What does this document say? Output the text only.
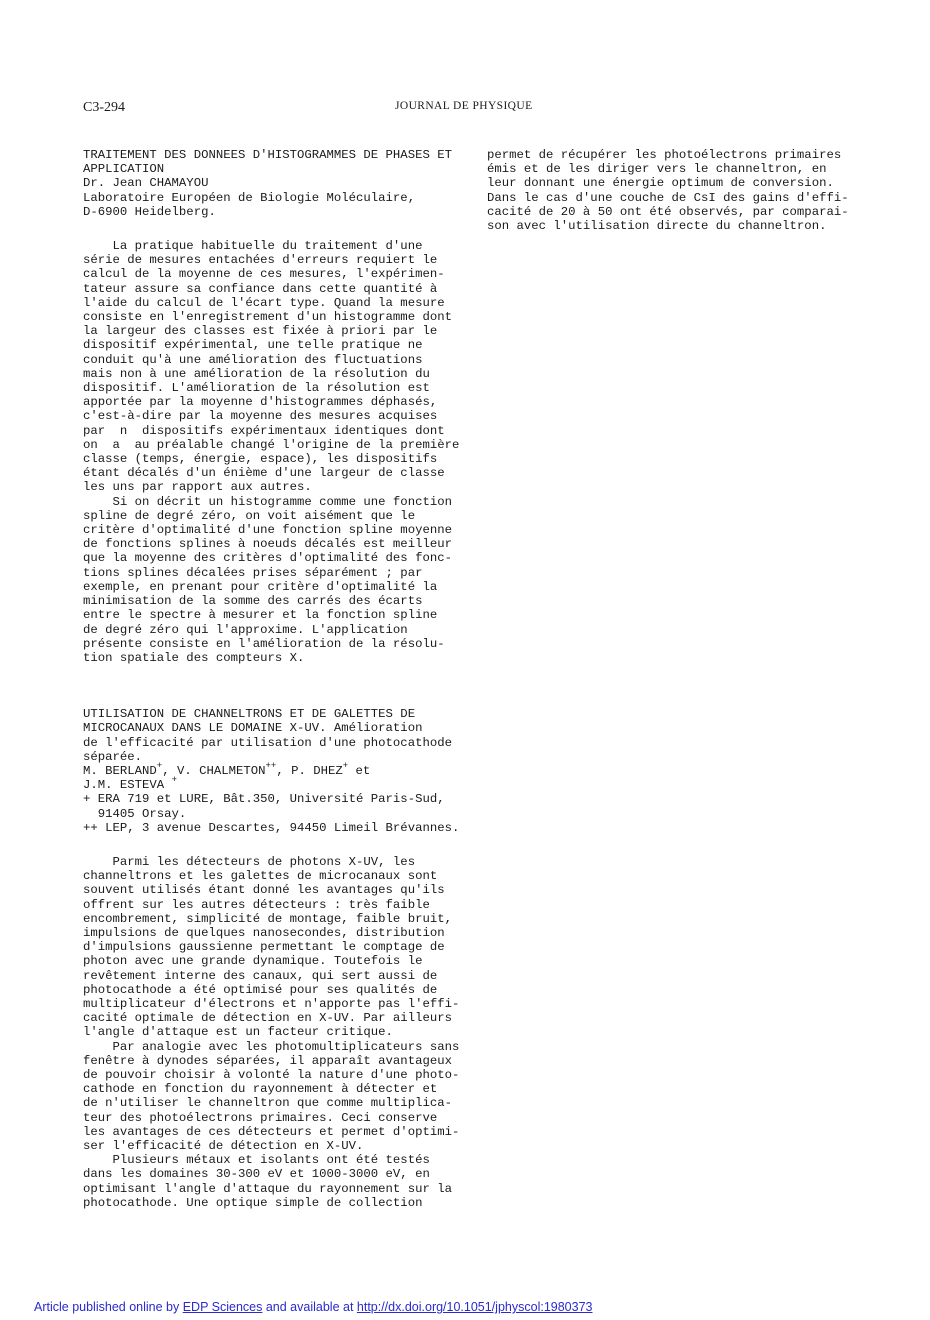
C3-294	JOURNAL DE PHYSIQUE
TRAITEMENT DES DONNEES D'HISTOGRAMMES DE PHASES ET
APPLICATION
Dr. Jean CHAMAYOU
Laboratoire Européen de Biologie Moléculaire,
D-6900 Heidelberg.
La pratique habituelle du traitement d'une
série de mesures entachées d'erreurs requiert le
calcul de la moyenne de ces mesures, l'expérimen-
tateur assure sa confiance dans cette quantité à
l'aide du calcul de l'écart type. Quand la mesure
consiste en l'enregistrement d'un histogramme dont
la largeur des classes est fixée à priori par le
dispositif expérimental, une telle pratique ne
conduit qu'à une amélioration des fluctuations
mais non à une amélioration de la résolution du
dispositif. L'amélioration de la résolution est
apportée par la moyenne d'histogrammes déphasés,
c'est-à-dire par la moyenne des mesures acquises
par  n  dispositifs expérimentaux identiques dont
on  a  au préalable changé l'origine de la première
classe (temps, énergie, espace), les dispositifs
étant décalés d'un énième d'une largeur de classe
les uns par rapport aux autres.
Si on décrit un histogramme comme une fonction
spline de degré zéro, on voit aisément que le
critère d'optimalité d'une fonction spline moyenne
de fonctions splines à noeuds décalés est meilleur
que la moyenne des critères d'optimalité des fonc-
tions splines décalées prises séparément ; par
exemple, en prenant pour critère d'optimalité la
minimisation de la somme des carrés des écarts
entre le spectre à mesurer et la fonction spline
de degré zéro qui l'approxime. L'application
présente consiste en l'amélioration de la résolu-
tion spatiale des compteurs X.
UTILISATION DE CHANNELTRONS ET DE GALETTES DE
MICROCANAUX DANS LE DOMAINE X-UV. Amélioration
de l'efficacité par utilisation d'une photocathode
séparée.
M. BERLAND+, V. CHALMETON++, P. DHEZ+ et
J.M. ESTEVA +
+ ERA 719 et LURE, Bât.350, Université Paris-Sud,
91405 Orsay.
++ LEP, 3 avenue Descartes, 94450 Limeil Brévannes.
Parmi les détecteurs de photons X-UV, les
channeltrons et les galettes de microcanaux sont
souvent utilisés étant donné les avantages qu'ils
offrent sur les autres détecteurs : très faible
encombrement, simplicité de montage, faible bruit,
impulsions de quelques nanosecondes, distribution
d'impulsions gaussienne permettant le comptage de
photon avec une grande dynamique. Toutefois le
revêtement interne des canaux, qui sert aussi de
photocathode a été optimisé pour ses qualités de
multiplicateur d'électrons et n'apporte pas l'effi-
cacité optimale de détection en X-UV. Par ailleurs
l'angle d'attaque est un facteur critique.
Par analogie avec les photomultiplicateurs sans
fenêtre à dynodes séparées, il apparaît avantageux
de pouvoir choisir à volonté la nature d'une photo-
cathode en fonction du rayonnement à détecter et
de n'utiliser le channeltron que comme multiplica-
teur des photoélectrons primaires. Ceci conserve
les avantages de ces détecteurs et permet d'optimi-
ser l'efficacité de détection en X-UV.
Plusieurs métaux et isolants ont été testés
dans les domaines 30-300 eV et 1000-3000 eV, en
optimisant l'angle d'attaque du rayonnement sur la
photocathode. Une optique simple de collection
permet de récupérer les photoélectrons primaires
émis et de les diriger vers le channeltron, en
leur donnant une énergie optimum de conversion.
Dans le cas d'une couche de CsI des gains d'effi-
cacité de 20 à 50 ont été observés, par comparai-
son avec l'utilisation directe du channeltron.
Article published online by EDP Sciences and available at http://dx.doi.org/10.1051/jphyscol:1980373
